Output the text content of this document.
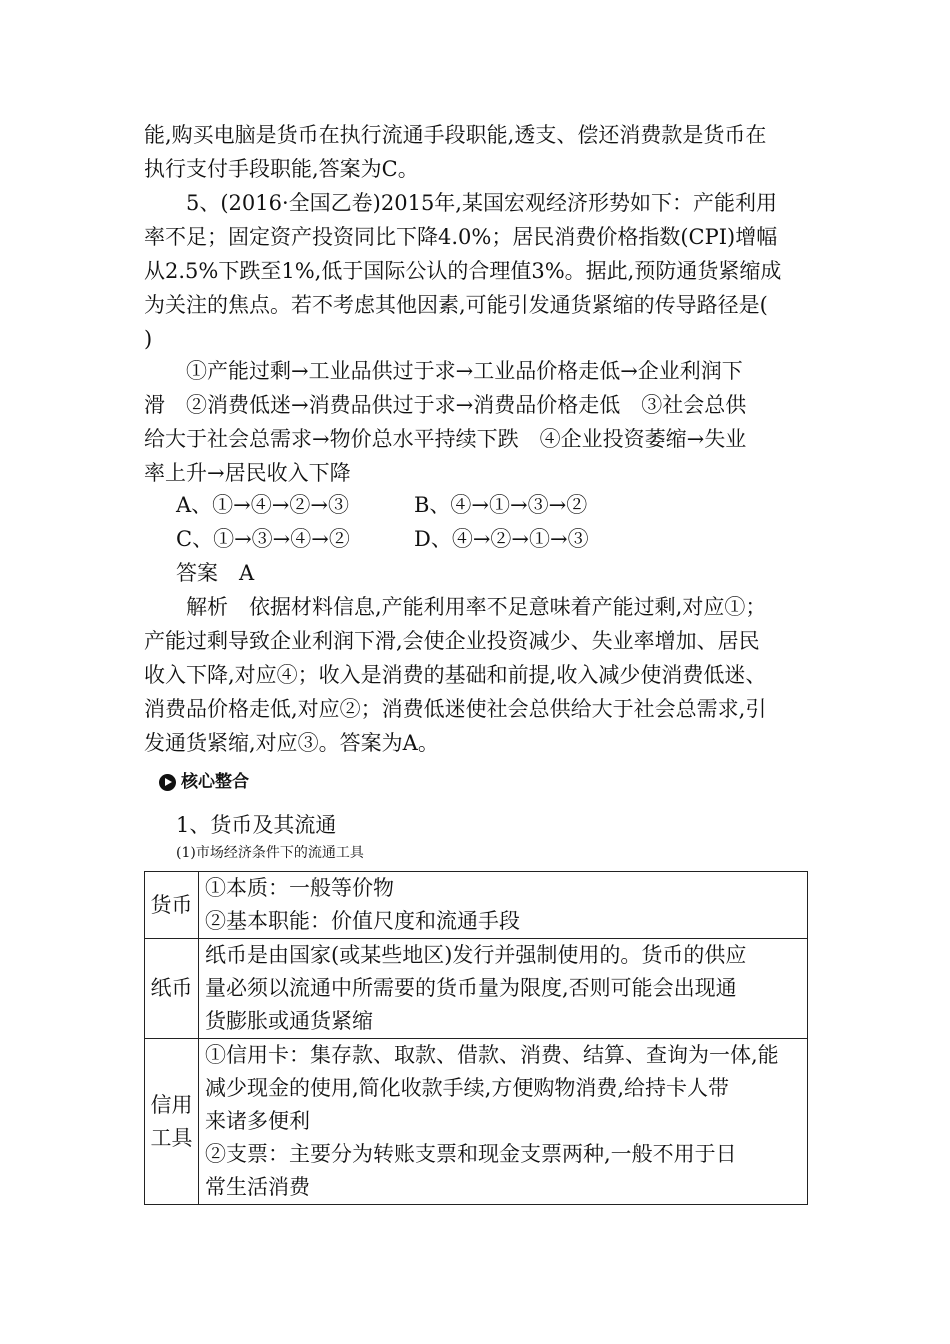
能,购买电脑是货币在执行流通手段职能,透支、偿还消费款是货币在
执行支付手段职能,答案为C。
5、(2016·全国乙卷)2015年,某国宏观经济形势如下：产能利用
率不足；固定资产投资同比下降4.0%；居民消费价格指数(CPI)增幅
从2.5%下跌至1%,低于国际公认的合理值3%。据此,预防通货紧缩成
为关注的焦点。若不考虑其他因素,可能引发通货紧缩的传导路径是(
)
①产能过剩→工业品供过于求→工业品价格走低→企业利润下
滑　②消费低迷→消费品供过于求→消费品价格走低　③社会总供
给大于社会总需求→物价总水平持续下跌　④企业投资萎缩→失业
率上升→居民收入下降
A、①→④→②→③	B、④→①→③→②
C、①→③→④→②	D、④→②→①→③
答案　A
解析　依据材料信息,产能利用率不足意味着产能过剩,对应①；
产能过剩导致企业利润下滑,会使企业投资减少、失业率增加、居民
收入下降,对应④；收入是消费的基础和前提,收入减少使消费低迷、
消费品价格走低,对应②；消费低迷使社会总供给大于社会总需求,引
发通货紧缩,对应③。答案为A。
核心整合
1、货币及其流通
(1)市场经济条件下的流通工具
货币	①本质：一般等价物
②基本职能：价值尺度和流通手段

纸币	纸币是由国家(或某些地区)发行并强制使用的。货币的供应
量必须以流通中所需要的货币量为限度,否则可能会出现通
货膨胀或通货紧缩

信用
工具	①信用卡：集存款、取款、借款、消费、结算、查询为一体,能
减少现金的使用,简化收款手续,方便购物消费,给持卡人带
来诸多便利
②支票：主要分为转账支票和现金支票两种,一般不用于日
常生活消费
